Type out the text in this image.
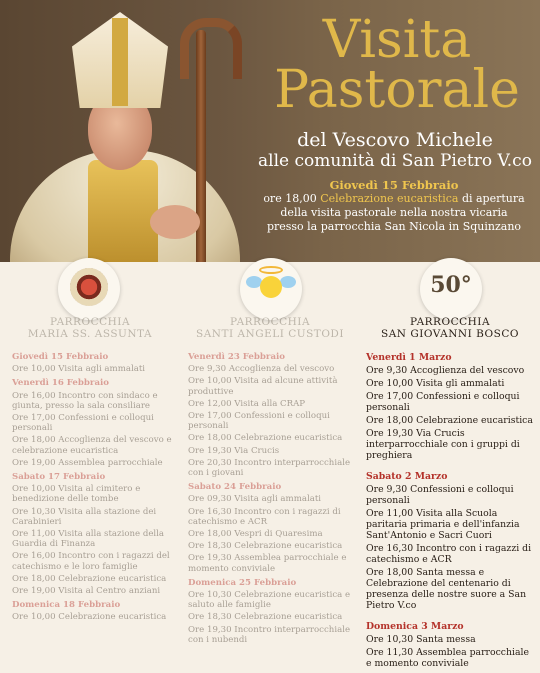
Visita
Pastorale
del Vescovo Michele
alle comunità di San Pietro V.co
Giovedì 15 Febbraio
ore 18,00 Celebrazione eucaristica di apertura
della visita pastorale nella nostra vicaria
presso la parrocchia San Nicola in Squinzano
50°
PARROCCHIA
MARIA SS. ASSUNTA
Giovedì 15 Febbraio
Ore 10,00 Visita agli ammalati
Venerdì 16 Febbraio
Ore 16,00 Incontro con sindaco e giunta, presso la sala consiliare
Ore 17,00 Confessioni e colloqui personali
Ore 18,00 Accoglienza del vescovo e celebrazione eucaristica
Ore 19,00 Assemblea parrocchiale
Sabato 17 Febbraio
Ore 10,00 Visita al cimitero e benedizione delle tombe
Ore 10,30 Visita alla stazione dei Carabinieri
Ore 11,00 Visita alla stazione della Guardia di Finanza
Ore 16,00 Incontro con i ragazzi del catechismo e le loro famiglie
Ore 18,00 Celebrazione eucaristica
Ore 19,00 Visita al Centro anziani
Domenica 18 Febbraio
Ore 10,00 Celebrazione eucaristica
PARROCCHIA
SANTI ANGELI CUSTODI
Venerdì 23 Febbraio
Ore 9,30 Accoglienza del vescovo
Ore 10,00 Visita ad alcune attività produttive
Ore 12,00 Visita alla CRAP
Ore 17,00 Confessioni e colloqui personali
Ore 18,00 Celebrazione eucaristica
Ore 19,30 Via Crucis
Ore 20,30 Incontro interparrocchiale con i giovani
Sabato 24 Febbraio
Ore 09,30 Visita agli ammalati
Ore 16,30 Incontro con i ragazzi di catechismo e ACR
Ore 18,00 Vespri di Quaresima
Ore 18,30 Celebrazione eucaristica
Ore 19,30 Assemblea parrocchiale e momento conviviale
Domenica 25 Febbraio
Ore 10,30 Celebrazione eucaristica e saluto alle famiglie
Ore 18,30 Celebrazione eucaristica
Ore 19,30 Incontro interparrocchiale con i nubendi
PARROCCHIA
SAN GIOVANNI BOSCO
Venerdì 1 Marzo
Ore 9,30 Accoglienza del vescovo
Ore 10,00 Visita gli ammalati
Ore 17,00 Confessioni e colloqui personali
Ore 18,00 Celebrazione eucaristica
Ore 19,30 Via Crucis interparrocchiale con i gruppi di preghiera
Sabato 2 Marzo
Ore 9,30 Confessioni e colloqui personali
Ore 11,00 Visita alla Scuola paritaria primaria e dell'infanzia Sant'Antonio e Sacri Cuori
Ore 16,30 Incontro con i ragazzi di catechismo e ACR
Ore 18,00 Santa messa e Celebrazione del centenario di presenza delle nostre suore a San Pietro V.co
Domenica 3 Marzo
Ore 10,30 Santa messa
Ore 11,30 Assemblea parrocchiale e momento conviviale
